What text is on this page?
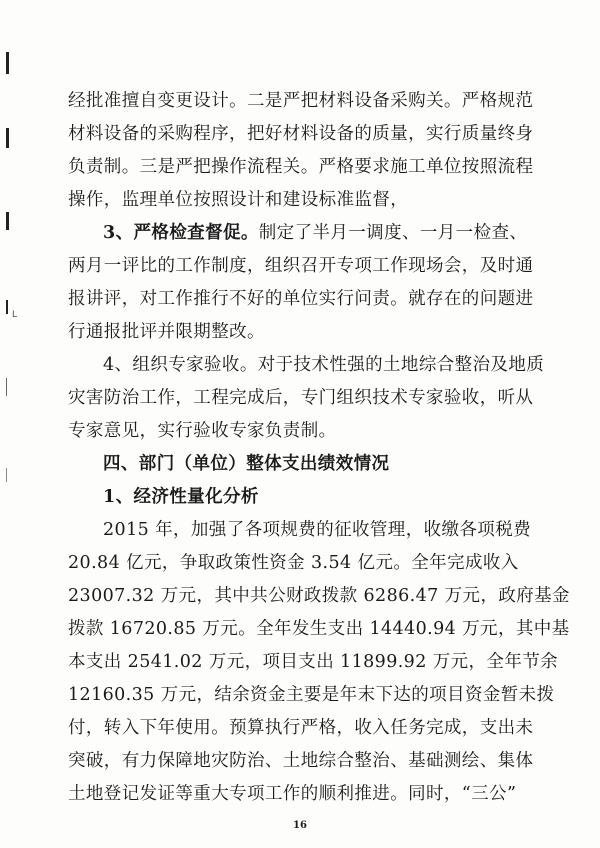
L
经批准擅自变更设计。二是严把材料设备采购关。严格规范
材料设备的采购程序，把好材料设备的质量，实行质量终身
负责制。三是严把操作流程关。严格要求施工单位按照流程
操作，监理单位按照设计和建设标准监督，
3、严格检查督促。制定了半月一调度、一月一检查、
两月一评比的工作制度，组织召开专项工作现场会，及时通
报讲评，对工作推行不好的单位实行问责。就存在的问题进
行通报批评并限期整改。
4、组织专家验收。对于技术性强的土地综合整治及地质
灾害防治工作，工程完成后，专门组织技术专家验收，听从
专家意见，实行验收专家负责制。
四、部门（单位）整体支出绩效情况
1、经济性量化分析
2015 年，加强了各项规费的征收管理，收缴各项税费
20.84 亿元，争取政策性资金 3.54 亿元。全年完成收入
23007.32 万元，其中共公财政拨款 6286.47 万元，政府基金
拨款 16720.85 万元。全年发生支出 14440.94 万元，其中基
本支出 2541.02 万元，项目支出 11899.92 万元，全年节余
12160.35 万元，结余资金主要是年末下达的项目资金暂未拨
付，转入下年使用。预算执行严格，收入任务完成，支出未
突破，有力保障地灾防治、土地综合整治、基础测绘、集体
土地登记发证等重大专项工作的顺利推进。同时，“三公”
16
